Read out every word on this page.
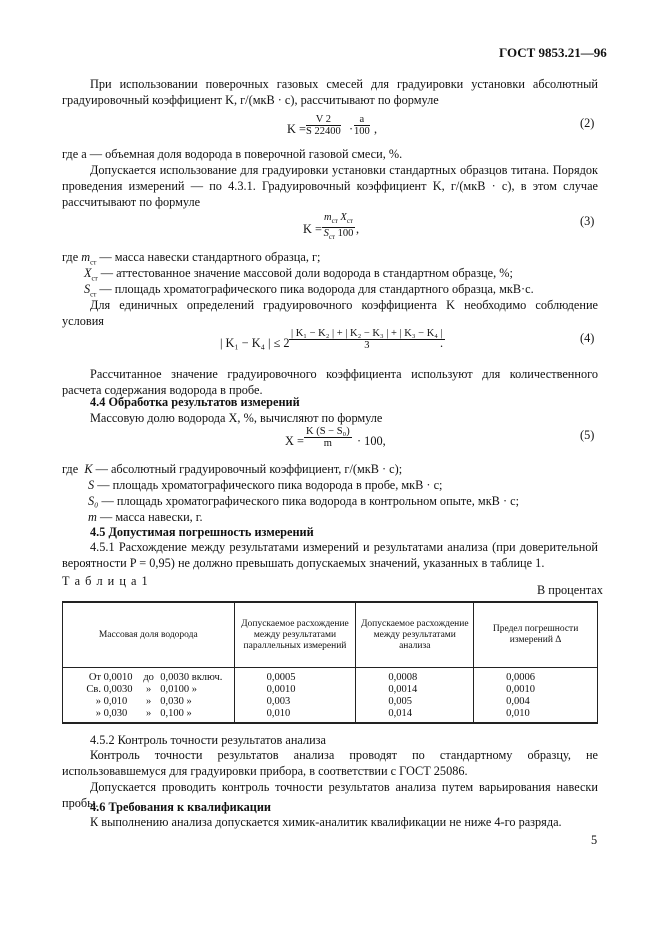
ГОСТ 9853.21—96
При использовании поверочных газовых смесей для градуировки установки абсолютный градуировочный коэффициент K, г/(мкВ · с), рассчитывают по формуле
$K = \frac{V 2}{S 22400} \cdot \frac{a}{100}$ ,	(2)
где a — объемная доля водорода в поверочной газовой смеси, %.
Допускается использование для градуировки установки стандартных образцов титана. Порядок проведения измерений — по 4.3.1. Градуировочный коэффициент K, г/(мкВ · с), в этом случае рассчитывают по формуле
K =
$m_{ст}$ $X_{ст}$
$S_{ст}$ 100 ,
(3)
где $m_{ст}$ — масса навески стандартного образца, г;
$X_{ст}$ — аттестованное значение массовой доли водорода в стандартном образце, %;
$S_{ст}$ — площадь хроматографического пика водорода для стандартного образца, мкВ·с.
Для единичных определений градуировочного коэффициента K необходимо соблюдение условия
| K₁ − K₄ | ≤ $2 \frac{\text{| K₁ − K₂ | + | K₂ − K₃ | + | K₃ − K₄ |}}{3}$
.	(4)
Рассчитанное значение градуировочного коэффициента используют для количественного расчета содержания водорода в пробе.
4.4 Обработка результатов измерений
Массовую долю водорода X, %, вычисляют по формуле
$X = \frac{\text{K (S − S₀)}}{m} \cdot 100$,	(5)
где K — абсолютный градуировочный коэффициент, г/(мкВ · с);
S — площадь хроматографического пика водорода в пробе, мкВ · с;
S₀ — площадь хроматографического пика водорода в контрольном опыте, мкВ · с;
m — масса навески, г.
4.5 Допустимая погрешность измерений
4.5.1 Расхождение между результатами измерений и результатами анализа (при доверительной вероятности P = 0,95) не должно превышать допускаемых значений, указанных в таблице 1.
Т а б л и ц а 1
В процентах
Массовая доля водорода	Допускаемое расхождение между результатами параллельных измерений	Допускаемое расхождение между результатами анализа	Предел погрешности измерений Δ
От 0,0010 до 0,0030 включ.	0,0005	0,0008	0,0006
Св. 0,0030 » 0,0100 »	0,0010	0,0014	0,0010
» 0,010 » 0,030 »	0,003	0,005	0,004
» 0,030 » 0,100 »	0,010	0,014	0,010
4.5.2 Контроль точности результатов анализа
Контроль точности результатов анализа проводят по стандартному образцу, не использовавшемуся для градуировки прибора, в соответствии с ГОСТ 25086.
Допускается проводить контроль точности результатов анализа путем варьирования навески пробы.
4.6 Требования к квалификации
К выполнению анализа допускается химик-аналитик квалификации не ниже 4-го разряда.
5
